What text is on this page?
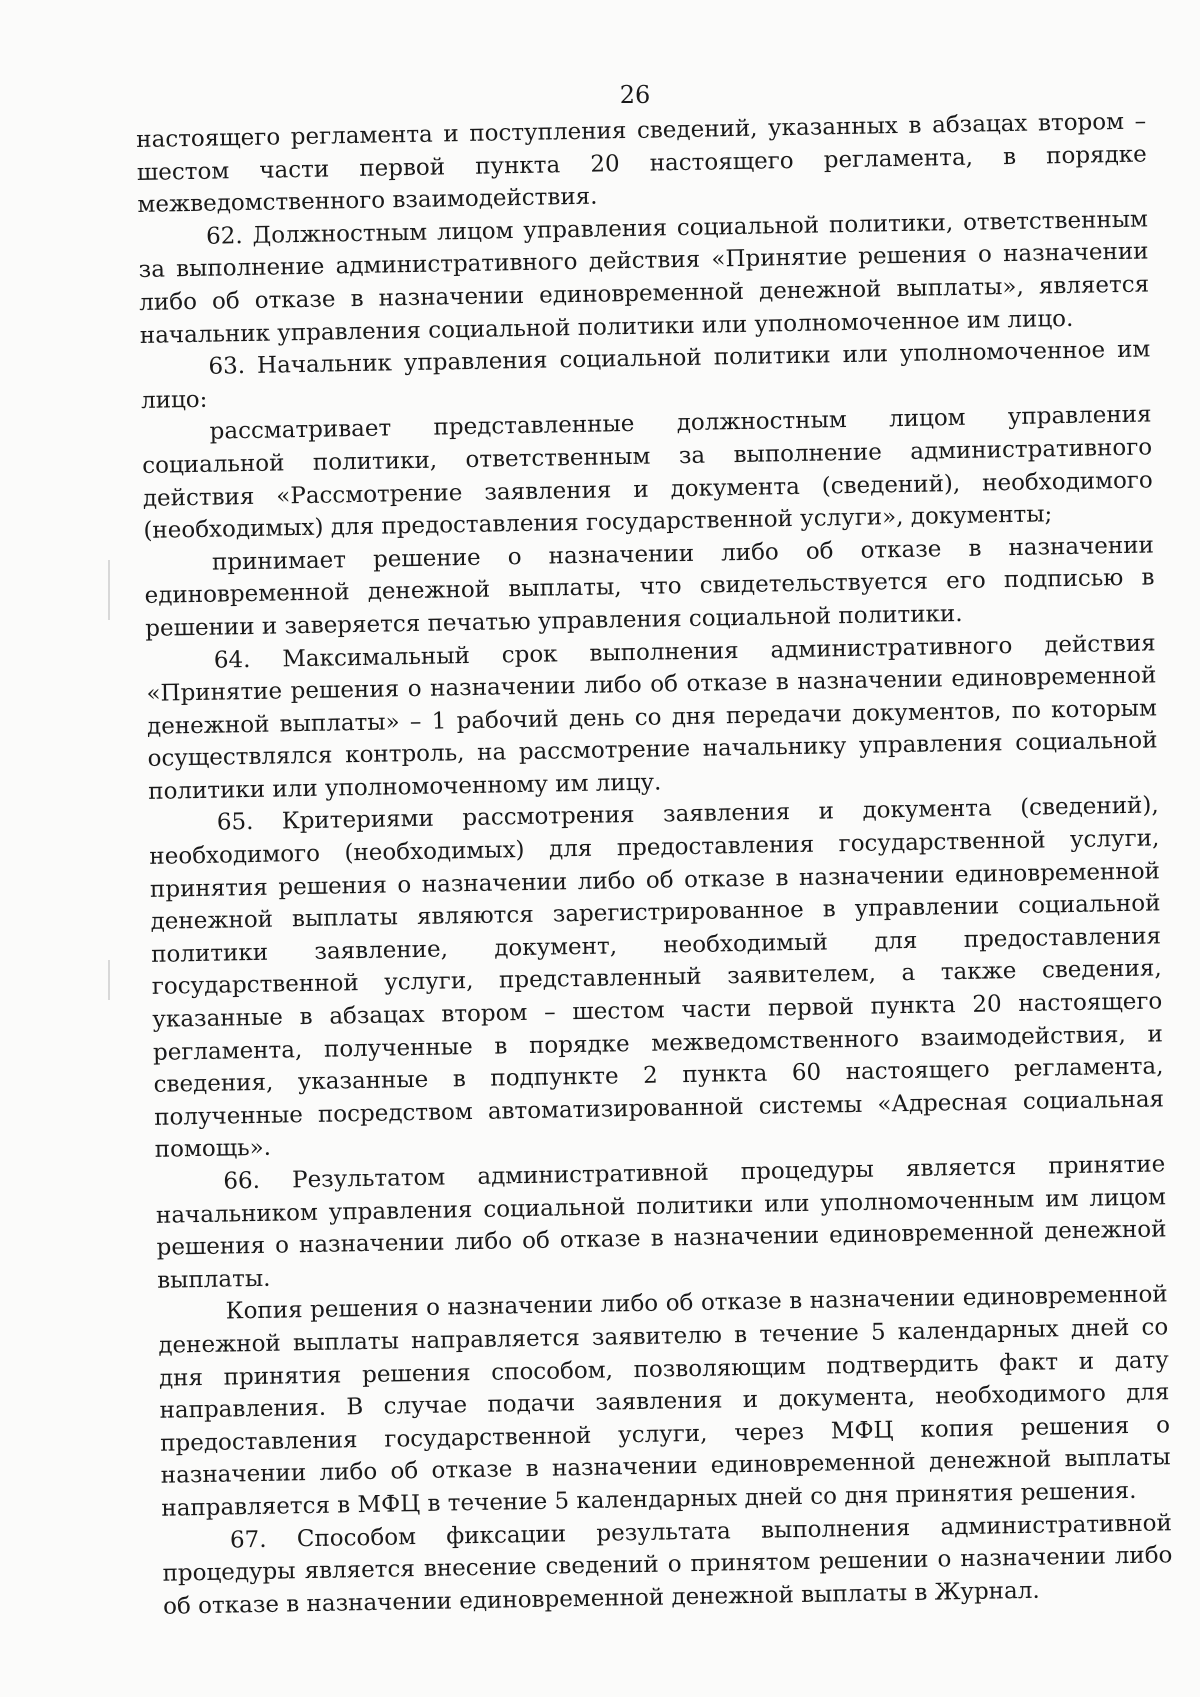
26

настоящего регламента и поступления сведений, указанных в абзацах втором – шестом части первой пункта 20 настоящего регламента, в порядке межведомственного взаимодействия.

62. Должностным лицом управления социальной политики, ответственным за выполнение административного действия «Принятие решения о назначении либо об отказе в назначении единовременной денежной выплаты», является начальник управления социальной политики или уполномоченное им лицо.

63. Начальник управления социальной политики или уполномоченное им лицо:

рассматривает представленные должностным лицом управления социальной политики, ответственным за выполнение административного действия «Рассмотрение заявления и документа (сведений), необходимого (необходимых) для предоставления государственной услуги», документы;

принимает решение о назначении либо об отказе в назначении единовременной денежной выплаты, что свидетельствуется его подписью в решении и заверяется печатью управления социальной политики.

64. Максимальный срок выполнения административного действия «Принятие решения о назначении либо об отказе в назначении единовременной денежной выплаты» – 1 рабочий день со дня передачи документов, по которым осуществлялся контроль, на рассмотрение начальнику управления социальной политики или уполномоченному им лицу.

65. Критериями рассмотрения заявления и документа (сведений), необходимого (необходимых) для предоставления государственной услуги, принятия решения о назначении либо об отказе в назначении единовременной денежной выплаты являются зарегистрированное в управлении социальной политики заявление, документ, необходимый для предоставления государственной услуги, представленный заявителем, а также сведения, указанные в абзацах втором – шестом части первой пункта 20 настоящего регламента, полученные в порядке межведомственного взаимодействия, и сведения, указанные в подпункте 2 пункта 60 настоящего регламента, полученные посредством автоматизированной системы «Адресная социальная помощь».

66. Результатом административной процедуры является принятие начальником управления социальной политики или уполномоченным им лицом решения о назначении либо об отказе в назначении единовременной денежной выплаты.

Копия решения о назначении либо об отказе в назначении единовременной денежной выплаты направляется заявителю в течение 5 календарных дней со дня принятия решения способом, позволяющим подтвердить факт и дату направления. В случае подачи заявления и документа, необходимого для предоставления государственной услуги, через МФЦ копия решения о назначении либо об отказе в назначении единовременной денежной выплаты направляется в МФЦ в течение 5 календарных дней со дня принятия решения.

67. Способом фиксации результата выполнения административной процедуры является внесение сведений о принятом решении о назначении либо об отказе в назначении единовременной денежной выплаты в Журнал.
